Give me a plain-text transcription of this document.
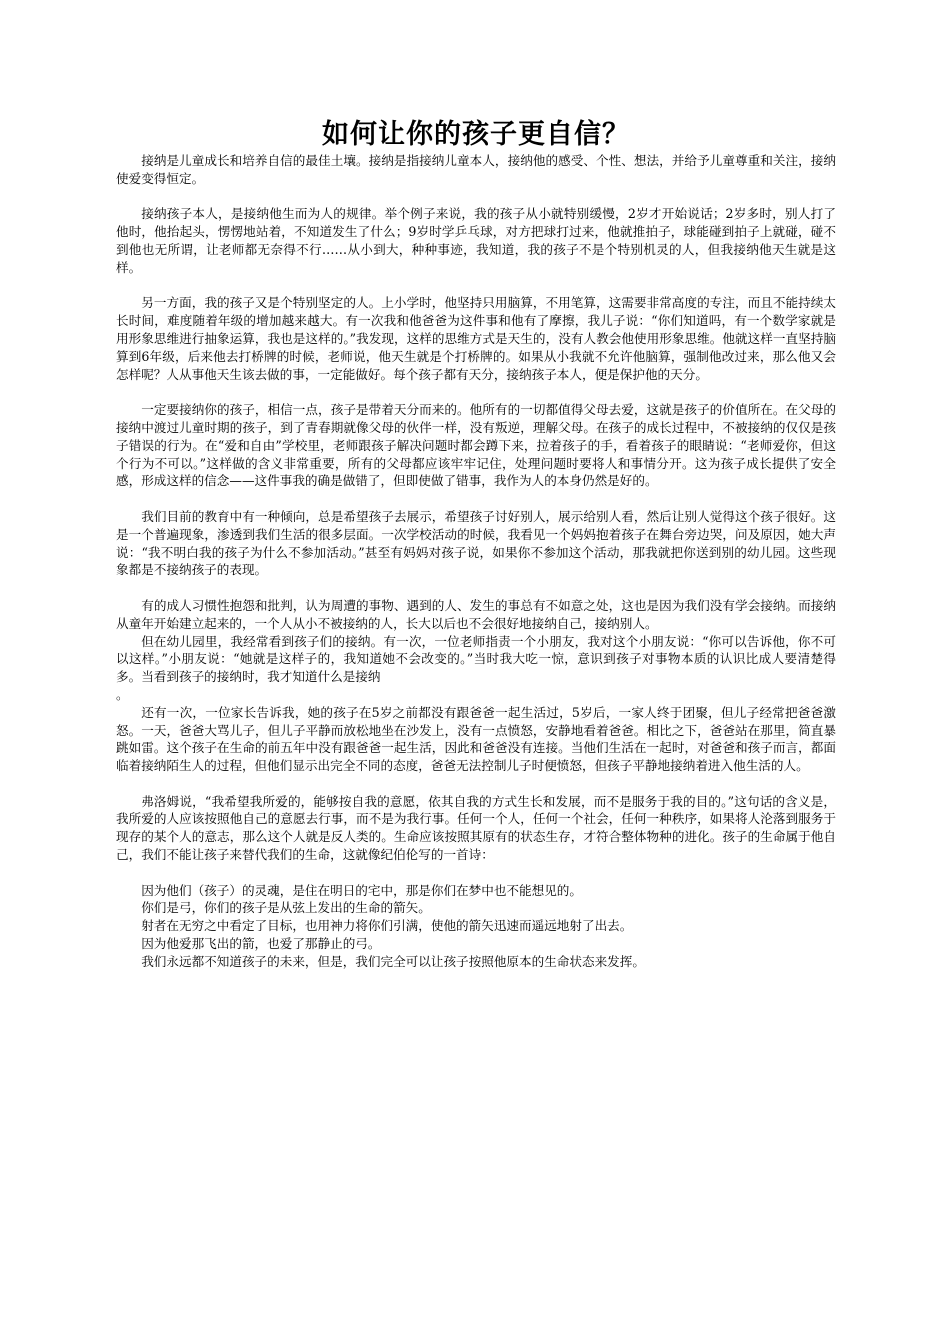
如何让你的孩子更自信？

接纳是儿童成长和培养自信的最佳土壤。接纳是指接纳儿童本人，接纳他的感受、个性、想法，并给予儿童尊重和关注，接纳使爱变得恒定。

接纳孩子本人，是接纳他生而为人的规律。举个例子来说，我的孩子从小就特别缓慢，2岁才开始说话；2岁多时，别人打了他时，他抬起头，愣愣地站着，不知道发生了什么；9岁时学乒乓球，对方把球打过来，他就推拍子，球能碰到拍子上就碰，碰不到他也无所谓，让老师都无奈得不行……从小到大，种种事迹，我知道，我的孩子不是个特别机灵的人，但我接纳他天生就是这样。

另一方面，我的孩子又是个特别坚定的人。上小学时，他坚持只用脑算，不用笔算，这需要非常高度的专注，而且不能持续太长时间，难度随着年级的增加越来越大。有一次我和他爸爸为这件事和他有了摩擦，我儿子说：“你们知道吗，有一个数学家就是用形象思维进行抽象运算，我也是这样的。”我发现，这样的思维方式是天生的，没有人教会他使用形象思维。他就这样一直坚持脑算到6年级，后来他去打桥牌的时候，老师说，他天生就是个打桥牌的。如果从小我就不允许他脑算，强制他改过来，那么他又会怎样呢？人从事他天生该去做的事，一定能做好。每个孩子都有天分，接纳孩子本人，便是保护他的天分。

一定要接纳你的孩子，相信一点，孩子是带着天分而来的。他所有的一切都值得父母去爱，这就是孩子的价值所在。在父母的接纳中渡过儿童时期的孩子，到了青春期就像父母的伙伴一样，没有叛逆，理解父母。在孩子的成长过程中，不被接纳的仅仅是孩子错误的行为。在“爱和自由”学校里，老师跟孩子解决问题时都会蹲下来，拉着孩子的手，看着孩子的眼睛说：“老师爱你，但这个行为不可以。”这样做的含义非常重要，所有的父母都应该牢牢记住，处理问题时要将人和事情分开。这为孩子成长提供了安全感，形成这样的信念——这件事我的确是做错了，但即使做了错事，我作为人的本身仍然是好的。

我们目前的教育中有一种倾向，总是希望孩子去展示，希望孩子讨好别人，展示给别人看，然后让别人觉得这个孩子很好。这是一个普遍现象，渗透到我们生活的很多层面。一次学校活动的时候，我看见一个妈妈抱着孩子在舞台旁边哭，问及原因，她大声说：“我不明白我的孩子为什么不参加活动。”甚至有妈妈对孩子说，如果你不参加这个活动，那我就把你送到别的幼儿园。这些现象都是不接纳孩子的表现。

有的成人习惯性抱怨和批判，认为周遭的事物、遇到的人、发生的事总有不如意之处，这也是因为我们没有学会接纳。而接纳从童年开始建立起来的，一个人从小不被接纳的人，长大以后也不会很好地接纳自己，接纳别人。

但在幼儿园里，我经常看到孩子们的接纳。有一次，一位老师指责一个小朋友，我对这个小朋友说：“你可以告诉他，你不可以这样。”小朋友说：“她就是这样子的，我知道她不会改变的。”当时我大吃一惊，意识到孩子对事物本质的认识比成人要清楚得多。当看到孩子的接纳时，我才知道什么是接纳

。

还有一次，一位家长告诉我，她的孩子在5岁之前都没有跟爸爸一起生活过，5岁后，一家人终于团聚，但儿子经常把爸爸激怒。一天，爸爸大骂儿子，但儿子平静而放松地坐在沙发上，没有一点愤怒，安静地看着爸爸。相比之下，爸爸站在那里，简直暴跳如雷。这个孩子在生命的前五年中没有跟爸爸一起生活，因此和爸爸没有连接。当他们生活在一起时，对爸爸和孩子而言，都面临着接纳陌生人的过程，但他们显示出完全不同的态度，爸爸无法控制儿子时便愤怒，但孩子平静地接纳着进入他生活的人。

弗洛姆说，“我希望我所爱的，能够按自我的意愿，依其自我的方式生长和发展，而不是服务于我的目的。”这句话的含义是，我所爱的人应该按照他自己的意愿去行事，而不是为我行事。任何一个人，任何一个社会，任何一种秩序，如果将人沦落到服务于现存的某个人的意志，那么这个人就是反人类的。生命应该按照其原有的状态生存，才符合整体物种的进化。孩子的生命属于他自己，我们不能让孩子来替代我们的生命，这就像纪伯伦写的一首诗：

因为他们（孩子）的灵魂，是住在明日的宅中，那是你们在梦中也不能想见的。

你们是弓，你们的孩子是从弦上发出的生命的箭矢。

射者在无穷之中看定了目标，也用神力将你们引满，使他的箭矢迅速而遥远地射了出去。

因为他爱那飞出的箭，也爱了那静止的弓。

我们永远都不知道孩子的未来，但是，我们完全可以让孩子按照他原本的生命状态来发挥。
